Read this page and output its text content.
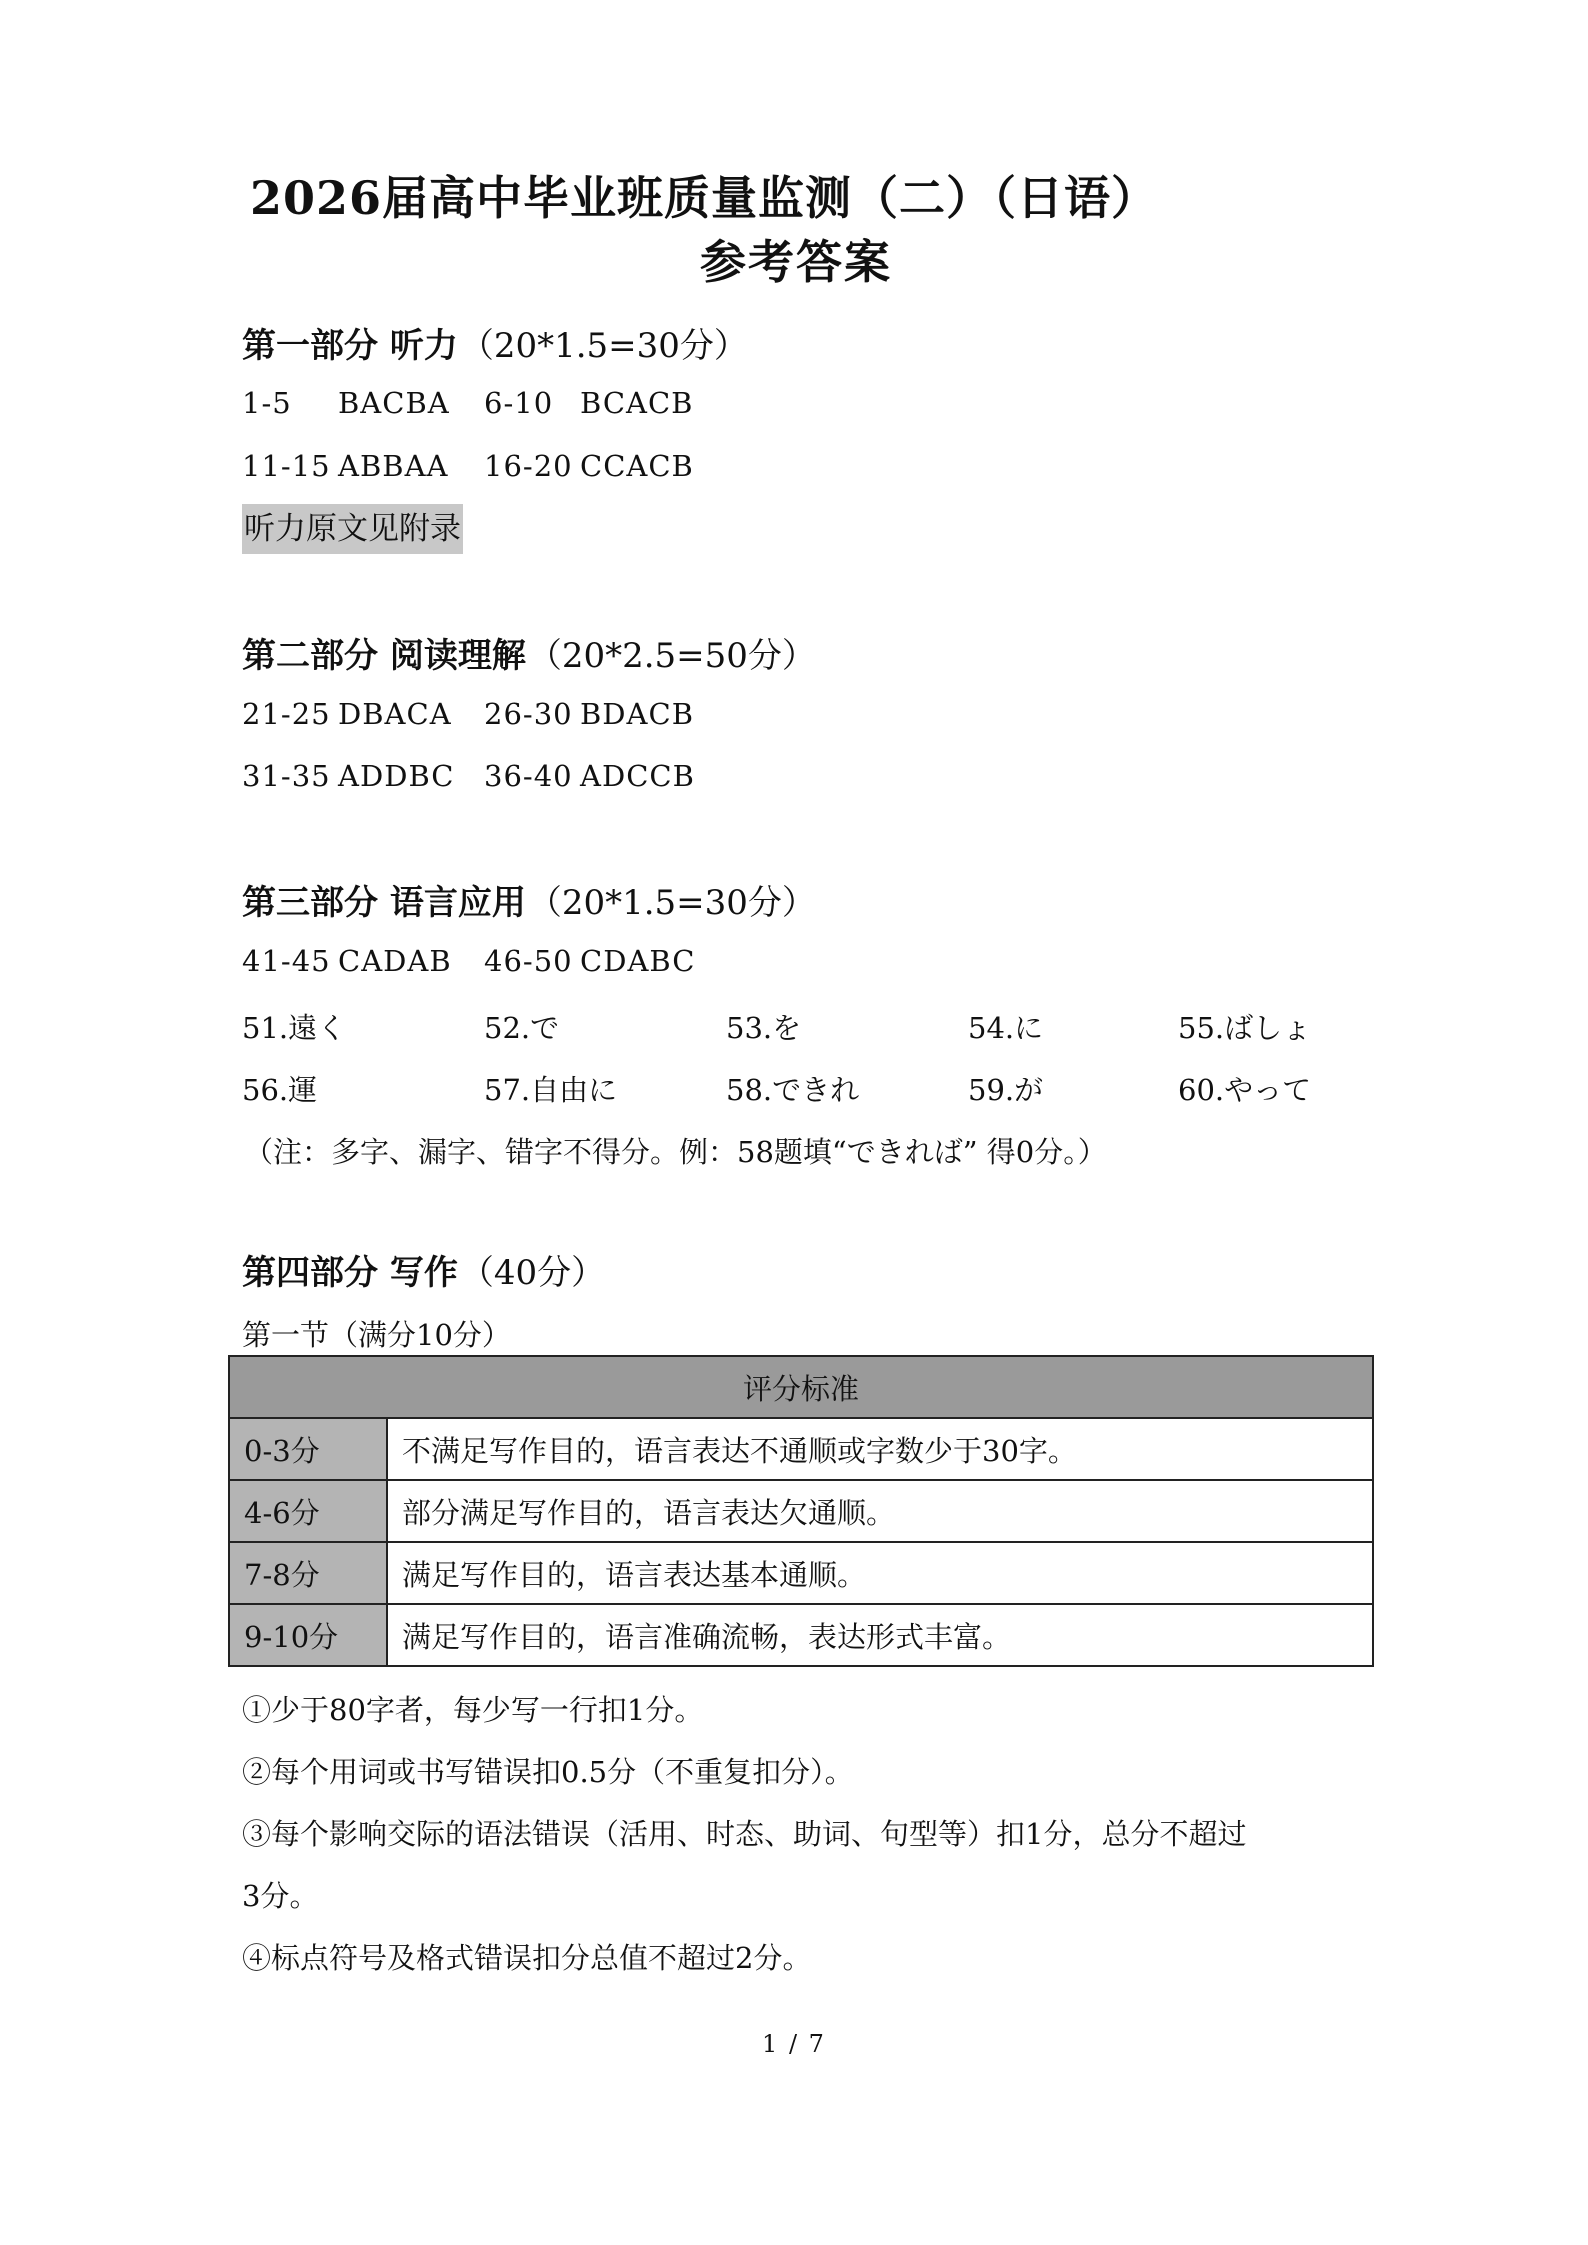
2026届高中毕业班质量监测（二）（日语）
参考答案
第一部分 听力（20*1.5=30分）
1-5 BACBA 6-10 BCACB
11-15 ABBAA 16-20 CCACB
听力原文见附录
第二部分 阅读理解（20*2.5=50分）
21-25 DBACA 26-30 BDACB
31-35 ADDBC 36-40 ADCCB
第三部分 语言应用（20*1.5=30分）
41-45 CADAB 46-50 CDABC
51.遠く	52.で	53.を	54.に	55.ばしょ
56.運	57.自由に	58.できれ	59.が	60.やって
（注：多字、漏字、错字不得分。例：58题填“できれば” 得0分。）
第四部分 写作（40分）
第一节（满分10分）
评分标准	
0-3分	不满足写作目的，语言表达不通顺或字数少于30字。
4-6分	部分满足写作目的，语言表达欠通顺。
7-8分	满足写作目的，语言表达基本通顺。
9-10分	满足写作目的，语言准确流畅，表达形式丰富。
①少于80字者，每少写一行扣1分。
②每个用词或书写错误扣0.5分（不重复扣分）。
③每个影响交际的语法错误（活用、时态、助词、句型等）扣1分，总分不超过
3分。
④标点符号及格式错误扣分总值不超过2分。
1 / 7
